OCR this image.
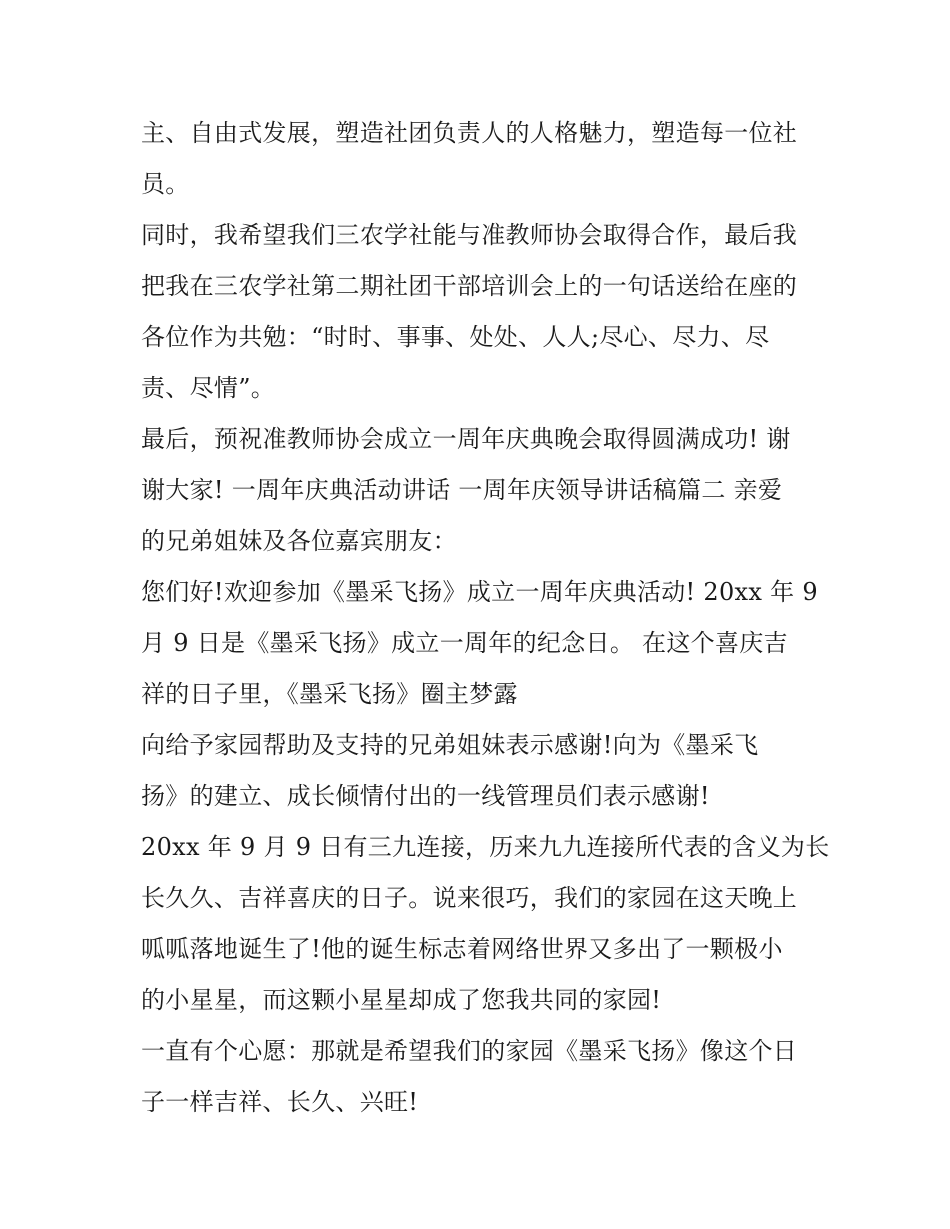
主、自由式发展，塑造社团负责人的人格魅力，塑造每一位社
员。
同时，我希望我们三农学社能与准教师协会取得合作，最后我
把我在三农学社第二期社团干部培训会上的一句话送给在座的
各位作为共勉：“时时、事事、处处、人人;尽心、尽力、尽
责、尽情”。
最后，预祝准教师协会成立一周年庆典晚会取得圆满成功! 谢
谢大家! 一周年庆典活动讲话 一周年庆领导讲话稿篇二 亲爱
的兄弟姐妹及各位嘉宾朋友：
您们好!欢迎参加《墨采飞扬》成立一周年庆典活动! 20xx 年 9
月 9 日是《墨采飞扬》成立一周年的纪念日。 在这个喜庆吉
祥的日子里，《墨采飞扬》圈主梦露
向给予家园帮助及支持的兄弟姐妹表示感谢!向为《墨采飞
扬》的建立、成长倾情付出的一线管理员们表示感谢!
20xx 年 9 月 9 日有三九连接，历来九九连接所代表的含义为长
长久久、吉祥喜庆的日子。说来很巧，我们的家园在这天晚上
呱呱落地诞生了!他的诞生标志着网络世界又多出了一颗极小
的小星星，而这颗小星星却成了您我共同的家园!
一直有个心愿：那就是希望我们的家园《墨采飞扬》像这个日
子一样吉祥、长久、兴旺!
